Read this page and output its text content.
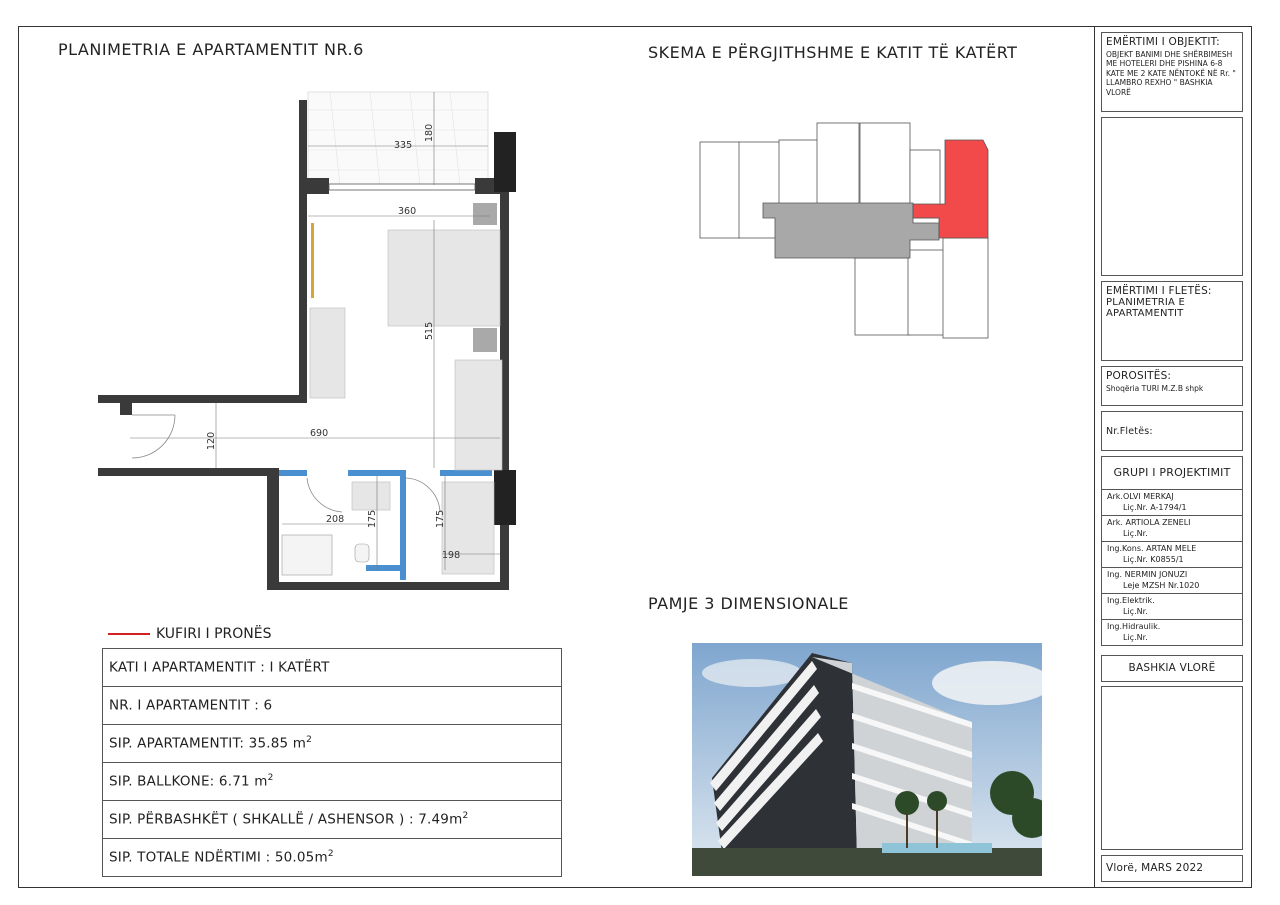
PLANIMETRIA E APARTAMENTIT NR.6	SKEMA E PËRGJITHSHME E KATIT TË KATËRT
PAMJE 3 DIMENSIONALE
335
180
360
515
120	690
208 175	175
198
KUFIRI I PRONËS
KATI I APARTAMENTIT : I KATËRT
NR. I APARTAMENTIT : 6
SIP. APARTAMENTIT: 35.85 $m^2$
SIP. BALLKONE: 6.71 $m^2$
SIP. PËRBASHKËT ( SHKALLË / ASHENSOR ) : $7.49m^2$
SIP. TOTALE NDËRTIMI : $50.05m^2$
EMËRTIMI I OBJEKTIT:
OBJEKT BANIMI DHE SHËRBIMESH ME HOTELERI DHE PISHINA 6-8 KATE ME 2 KATE NËNTOKË NË Rr. " LLAMBRO REXHO " BASHKIA VLORË
EMËRTIMI I FLETËS:
PLANIMETRIA E APARTAMENTIT
POROSITËS:
Shoqëria TURI M.Z.B shpk
Nr.Fletës:
GRUPI I PROJEKTIMIT
Ark.OLVI MERKAJ
Liç.Nr. A-1794/1
Ark. ARTIOLA ZENELI
Liç.Nr.
Ing.Kons. ARTAN MELE
Liç.Nr. K0855/1
Ing. NERMIN JONUZI
Leje MZSH Nr.1020
Ing.Elektrik.
Liç.Nr.
Ing.Hidraulik.
Liç.Nr.
BASHKIA VLORË
Vlorë, MARS 2022
